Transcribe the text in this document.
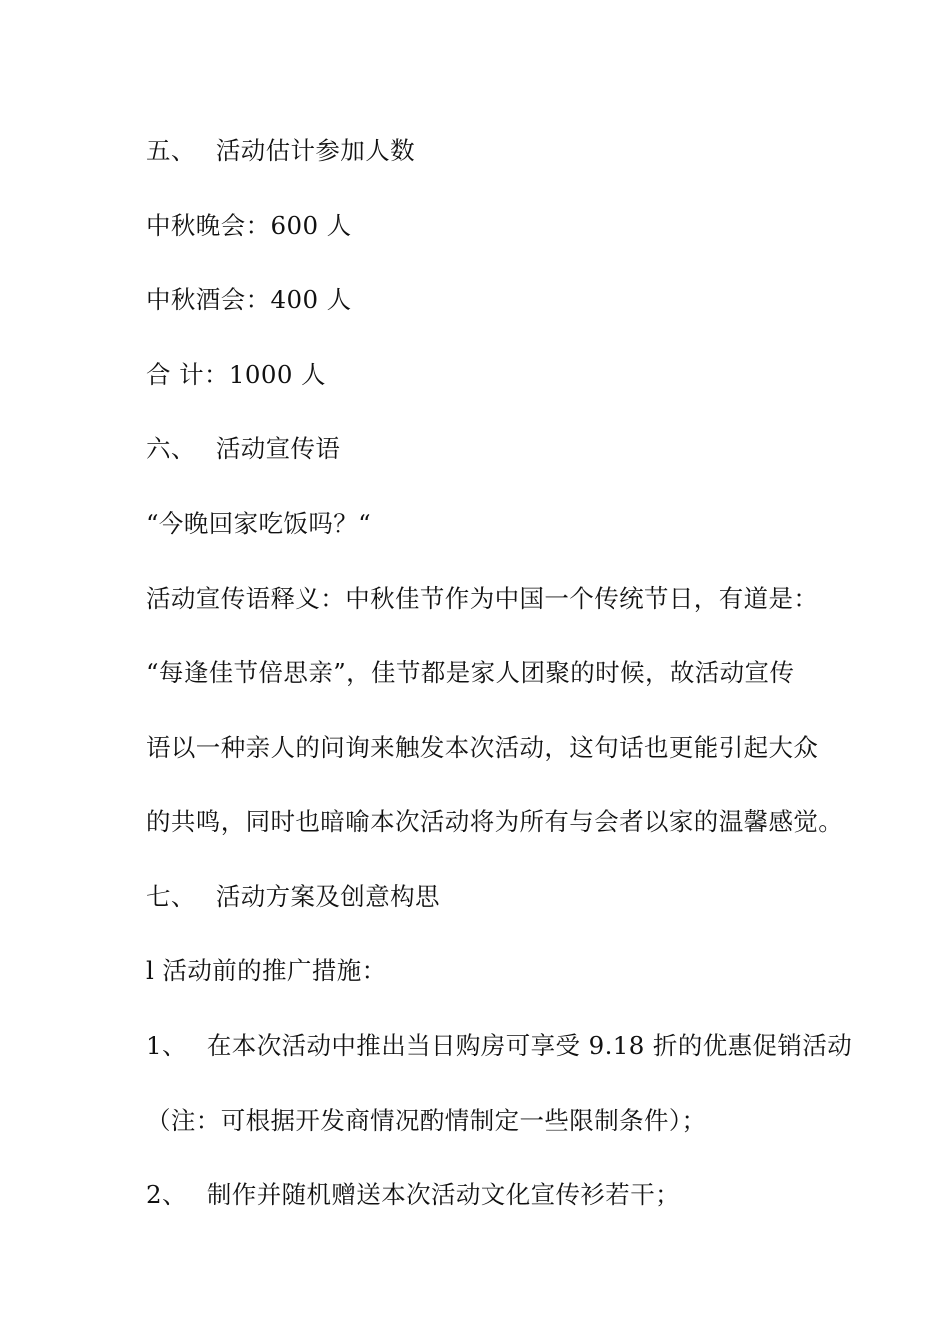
五、 活动估计参加人数
中秋晚会：600 人
中秋酒会：400 人
合 计：1000 人
六、 活动宣传语
“今晚回家吃饭吗？“
活动宣传语释义：中秋佳节作为中国一个传统节日，有道是：
“每逢佳节倍思亲”，佳节都是家人团聚的时候，故活动宣传
语以一种亲人的问询来触发本次活动，这句话也更能引起大众
的共鸣，同时也暗喻本次活动将为所有与会者以家的温馨感觉。
七、 活动方案及创意构思
l 活动前的推广措施：
1、 在本次活动中推出当日购房可享受 9.18 折的优惠促销活动
（注：可根据开发商情况酌情制定一些限制条件）；
2、 制作并随机赠送本次活动文化宣传衫若干；
